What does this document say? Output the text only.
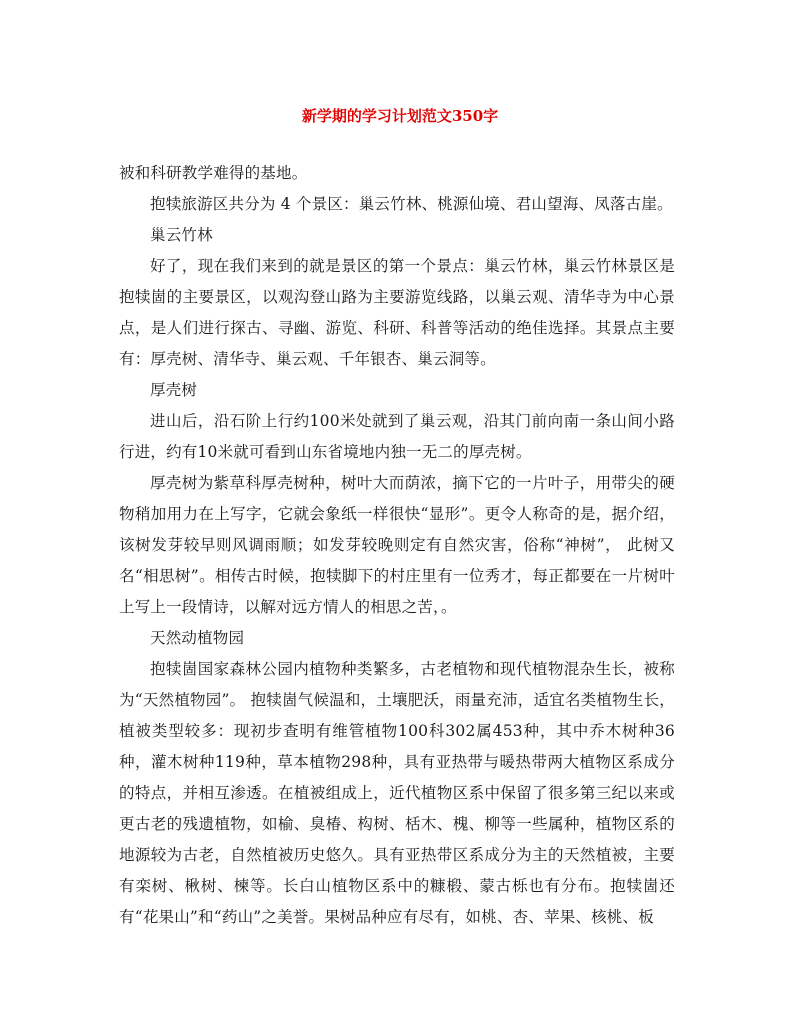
新学期的学习计划范文350字

被和科研教学难得的基地。

抱犊旅游区共分为 4 个景区：巢云竹林、桃源仙境、君山望海、凤落古崖。

巢云竹林

好了，现在我们来到的就是景区的第一个景点：巢云竹林，巢云竹林景区是抱犊崮的主要景区，以观沟登山路为主要游览线路，以巢云观、清华寺为中心景点，是人们进行探古、寻幽、游览、科研、科普等活动的绝佳选择。其景点主要有：厚壳树、清华寺、巢云观、千年银杏、巢云洞等。

厚壳树

进山后，沿石阶上行约100米处就到了巢云观，沿其门前向南一条山间小路行进，约有10米就可看到山东省境地内独一无二的厚壳树。

厚壳树为紫草科厚壳树种，树叶大而荫浓，摘下它的一片叶子，用带尖的硬物稍加用力在上写字，它就会象纸一样很快“显形”。更令人称奇的是，据介绍，该树发芽较早则风调雨顺；如发芽较晚则定有自然灾害，俗称“神树”， 此树又名“相思树”。相传古时候，抱犊脚下的村庄里有一位秀才，每正都要在一片树叶上写上一段情诗，以解对远方情人的相思之苦，。

天然动植物园

抱犊崮国家森林公园内植物种类繁多，古老植物和现代植物混杂生长，被称为“天然植物园”。 抱犊崮气候温和，土壤肥沃，雨量充沛，适宜名类植物生长，植被类型较多：现初步查明有维管植物100科302属453种，其中乔木树种36种，灌木树种119种，草本植物298种，具有亚热带与暖热带两大植物区系成分的特点，并相互渗透。在植被组成上，近代植物区系中保留了很多第三纪以来或更古老的残遗植物，如榆、臭椿、构树、栝木、槐、柳等一些属种，植物区系的地源较为古老，自然植被历史悠久。具有亚热带区系成分为主的天然植被，主要有栾树、楸树、楝等。长白山植物区系中的糠椴、蒙古栎也有分布。抱犊崮还有“花果山”和“药山”之美誉。果树品种应有尽有，如桃、杏、苹果、核桃、板
